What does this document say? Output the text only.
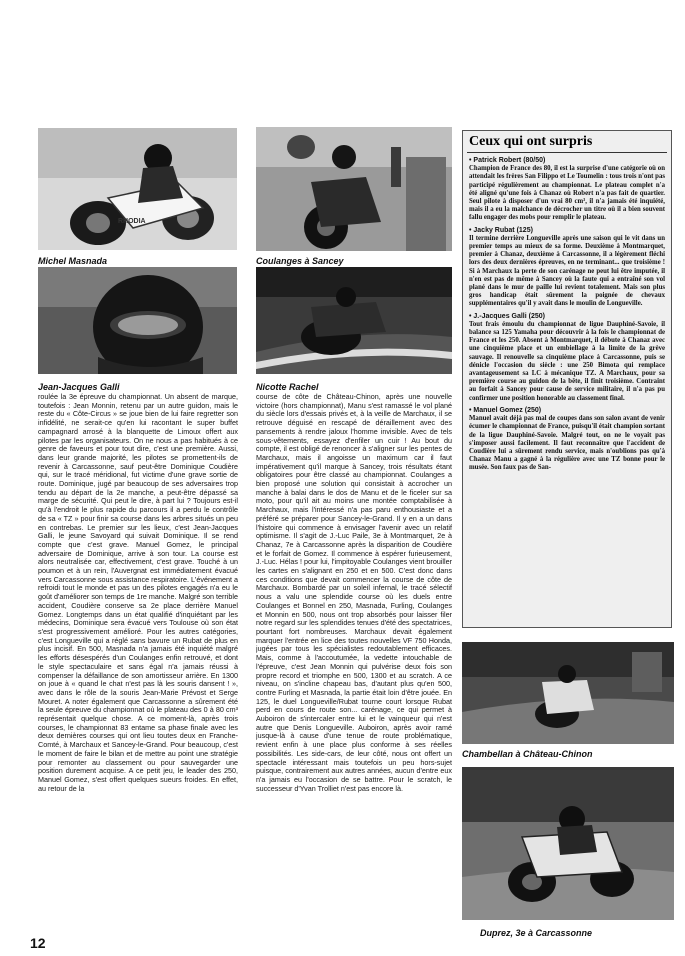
RHODIA
Michel Masnada	Coulanges à Sancey
Jean-Jacques Galli	Nicotte Rachel

roulée la 3e épreuve du championnat. Un absent de marque, toutefois : Jean Monnin, retenu par un autre guidon, mais le reste du « Côte-Circus » se joue bien de lui faire regretter son infidélité, ne serait-ce qu'en lui racontant le super buffet campagnard arrosé à la blanquette de Limoux offert aux pilotes par les organisateurs. On ne nous a pas habitués à ce genre de faveurs et pour tout dire, c'est une première. Aussi, dans leur grande majorité, les pilotes se promettent-ils de revenir à Carcassonne, sauf peut-être Dominique Coudière qui, sur le tracé méridional, fut victime d'une grave sortie de route. Dominique, jugé par beaucoup de ses adversaires trop tendu au départ de la 2e manche, a peut-être dépassé sa marge de sécurité. Qui peut le dire, à part lui ? Toujours est-il qu'à l'endroit le plus rapide du parcours il a perdu le contrôle de sa « TZ » pour finir sa course dans les arbres situés un peu en contrebas. Le premier sur les lieux, c'est Jean-Jacques Galli, le jeune Savoyard qui suivait Dominique. Il se rend compte que c'est grave. Manuel Gomez, le principal adversaire de Dominique, arrive à son tour. La course est alors neutralisée car, effectivement, c'est grave. Touché à un poumon et à un rein, l'Auvergnat est immédiatement évacué vers Carcassonne sous assistance respiratoire. L'événement a refroidi tout le monde et pas un des pilotes engagés n'a eu le goût d'améliorer son temps de 1re manche. Malgré son terrible accident, Coudière conserve sa 2e place derrière Manuel Gomez. Longtemps dans un état qualifié d'inquiétant par les médecins, Dominique sera évacué vers Toulouse où son état s'est progressivement amélioré. Pour les autres catégories, c'est Longueville qui a réglé sans bavure un Rubat de plus en plus incisif. En 500, Masnada n'a jamais été inquiété malgré les efforts désespérés d'un Coulanges enfin retrouvé, et dont le style spectaculaire et sans égal n'a jamais réussi à compenser la défaillance de son amortisseur arrière. En 1300 on joue à « quand le chat n'est pas là les souris dansent ! », avec dans le rôle de la souris Jean-Marie Prévost et Serge Mouret. A noter également que Carcassonne a sûrement été la seule épreuve du championnat où le plateau des 0 à 80 cm³ représentait quelque chose. A ce moment-là, après trois courses, le championnat 83 entame sa phase finale avec les deux dernières courses qui ont lieu toutes deux en Franche-Comté, à Marchaux et Sancey-le-Grand. Pour beaucoup, c'est le moment de faire le bilan et de mettre au point une stratégie pour remonter au classement ou pour sauvegarder une position durement acquise. A ce petit jeu, le leader des 250, Manuel Gomez, s'est offert quelques sueurs froides. En effet, au retour de la

course de côte de Château-Chinon, après une nouvelle victoire (hors championnat), Manu s'est ramassé le vol plané du siècle lors d'essais privés et, à la veille de Marchaux, il se retrouve déguisé en rescapé de déraillement avec des pansements à rendre jaloux l'homme invisible. Avec de tels sous-vêtements, essayez d'enfiler un cuir ! Au bout du compte, il est obligé de renoncer à s'aligner sur les pentes de Marchaux, mais il angoisse un maximum car il faut impérativement qu'il marque à Sancey, trois résultats étant obligatoires pour être classé au championnat. Coulanges a bien proposé une solution qui consistait à accrocher un manche à balai dans le dos de Manu et de le ficeler sur sa moto, pour qu'il ait au moins une montée comptabilisée à Marchaux, mais l'intéressé n'a pas paru enthousiaste et a préféré se préparer pour Sancey-le-Grand. Il y en a un dans l'histoire qui commence à envisager l'avenir avec un relatif optimisme. Il s'agit de J.-Luc Paile, 3e à Montmarquet, 2e à Chanaz, 7e à Carcassonne après la disparition de Coudière et le forfait de Gomez. Il commence à espérer furieusement, J.-Luc. Hélas ! pour lui, l'impitoyable Coulanges vient brouiller les cartes en s'alignant en 250 et en 500. C'est donc dans ces conditions que devait commencer la course de côte de Marchaux. Bombardé par un soleil infernal, le tracé sélectif nous a valu une splendide course où les duels entre Coulanges et Bonnel en 250, Masnada, Furling, Coulanges et Monnin en 500, nous ont trop absorbés pour laisser filer notre regard sur les splendides tenues d'été des spectatrices, pourtant fort nombreuses. Marchaux devait également marquer l'entrée en lice des toutes nouvelles VF 750 Honda, jugées par tous les spécialistes redoutablement efficaces. Mais, comme à l'accoutumée, la vedette intouchable de l'épreuve, c'est Jean Monnin qui pulvérise deux fois son propre record et triomphe en 500, 1300 et au scratch. A ce niveau, on s'incline chapeau bas, d'autant plus qu'en 500, contre Furling et Masnada, la partie était loin d'être jouée. En 125, le duel Longueville/Rubat tourne court lorsque Rubat perd en cours de route son... carénage, ce qui permet à Auboiron de s'intercaler entre lui et le vainqueur qui n'est autre que Denis Longueville. Auboiron, après avoir ramé jusque-là à cause d'une tenue de route problématique, revient enfin à une place plus conforme à ses réelles possibilités. Les side-cars, de leur côté, nous ont offert un spectacle intéressant mais toutefois un peu hors-sujet puisque, contrairement aux autres années, aucun d'entre eux n'a jamais eu l'occasion de se battre. Pour le scratch, le successeur d'Yvan Trolliet n'est pas encore là.

Ceux qui ont surpris
• Patrick Robert (80/50)
Champion de France des 80, il est la surprise d'une catégorie où on attendait les frères San Filippo et Le Toumelin : tous trois n'ont pas participé régulièrement au championnat. Le plateau complet n'a été aligné qu'une fois à Chanaz où Robert n'a pas fait de quartier. Seul pilote à disposer d'un vrai 80 cm³, il n'a jamais été inquiété, mais il a eu la malchance de décrocher un titre où il a bien souvent fallu engager des mobs pour remplir le plateau.
• Jacky Rubat (125)
Il termine derrière Longueville après une saison qui le vit dans un premier temps au mieux de sa forme. Deuxième à Montmarquet, premier à Chanaz, deuxième à Carcassonne, il a légèrement fléchi lors des deux dernières épreuves, en ne terminant... que troisième ! Si à Marchaux la perte de son carénage ne peut lui être imputée, il n'en est pas de même à Sancey où la faute qui a entraîné son vol plané dans le mur de paille lui revient totalement. Mais son plus gros handicap était sûrement la poignée de chevaux supplémentaires qu'il y avait dans le moulin de Longueville.
• J.-Jacques Galli (250)
Tout frais émoulu du championnat de ligue Dauphiné-Savoie, il balance sa 125 Yamaha pour découvrir à la fois le championnat de France et les 250. Absent à Montmarquet, il débute à Chanaz avec une cinquième place et un embiellage à la limite de la grève sauvage. Il renouvelle sa cinquième place à Carcassonne, puis se dénicle l'occasion du siècle : une 250 Bimota qui remplace avantageusement sa LC à mécanique TZ. A Marchaux, pour sa première course au guidon de la bête, il finit troisième. Contraint au forfait à Sancey pour cause de service militaire, il n'a pas pu confirmer une position honorable au classement final.
• Manuel Gomez (250)
Manuel avait déjà pas mal de coupes dans son salon avant de venir écumer le championnat de France, puisqu'il était champion sortant de la ligue Dauphiné-Savoie. Malgré tout, on ne le voyait pas s'imposer aussi facilement. Il faut reconnaître que l'accident de Coudière lui a sûrement rendu service, mais n'oublions pas qu'à Chanaz Manu a gagné à la régulière avec une TZ bonne pour le musée. Son faux pas de San-
Chambellan à Château-Chinon
Duprez, 3e à Carcassonne
12
